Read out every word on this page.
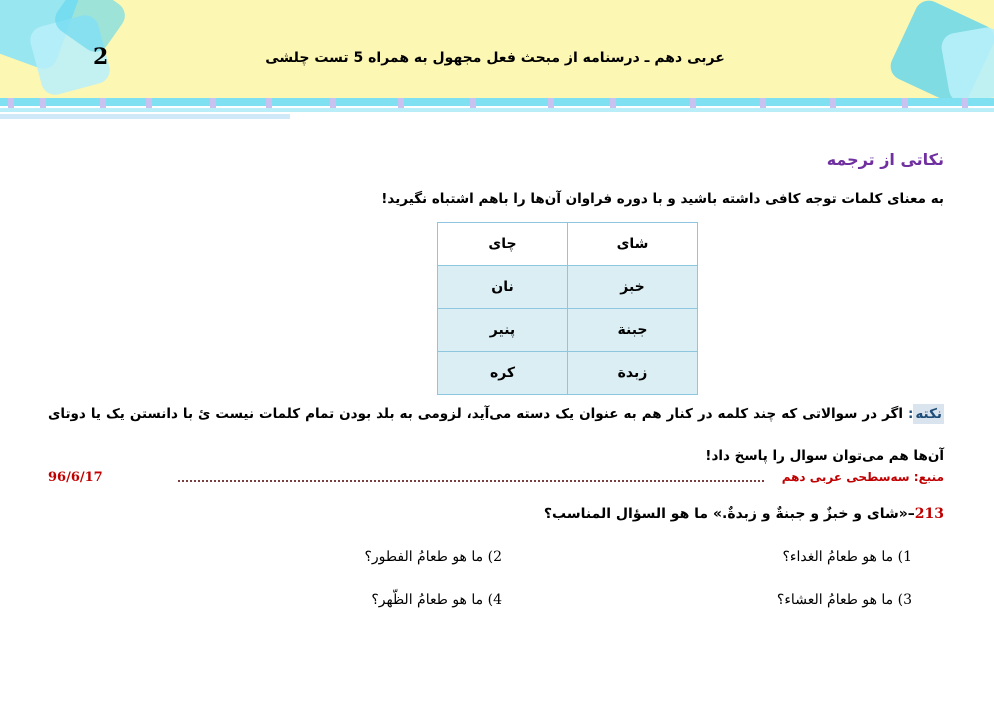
2	عربی دهم ـ درسنامه از مبحث فعل مجهول به همراه 5 تست چلشی
نکاتی از ترجمه
به معنای کلمات توجه کافی داشته باشید و با دوره فراوان آن‌ها را باهم اشتباه نگیرید!
شای	چای
خبز	نان
جبنة	پنیر
زبدة	کره
نکته: اگر در سوالاتی که چند کلمه در کنار هم به عنوان یک دسته می‌آید، لزومی به بلد بودن تمام کلمات نیست ئ با دانستن یک یا دوتای آن‌ها هم می‌توان سوال را پاسخ داد!
منبع: سه‌سطحی عربی دهم
96/6/17
213–«شای و خبزٌ و جبنةٌ و زبدةٌ.» ما هو السؤال المناسب؟
1) ما هو طعامُ الغداء؟
2) ما هو طعامُ الفطور؟
3) ما هو طعامُ العشاء؟
4) ما هو طعامُ الظّهر؟
